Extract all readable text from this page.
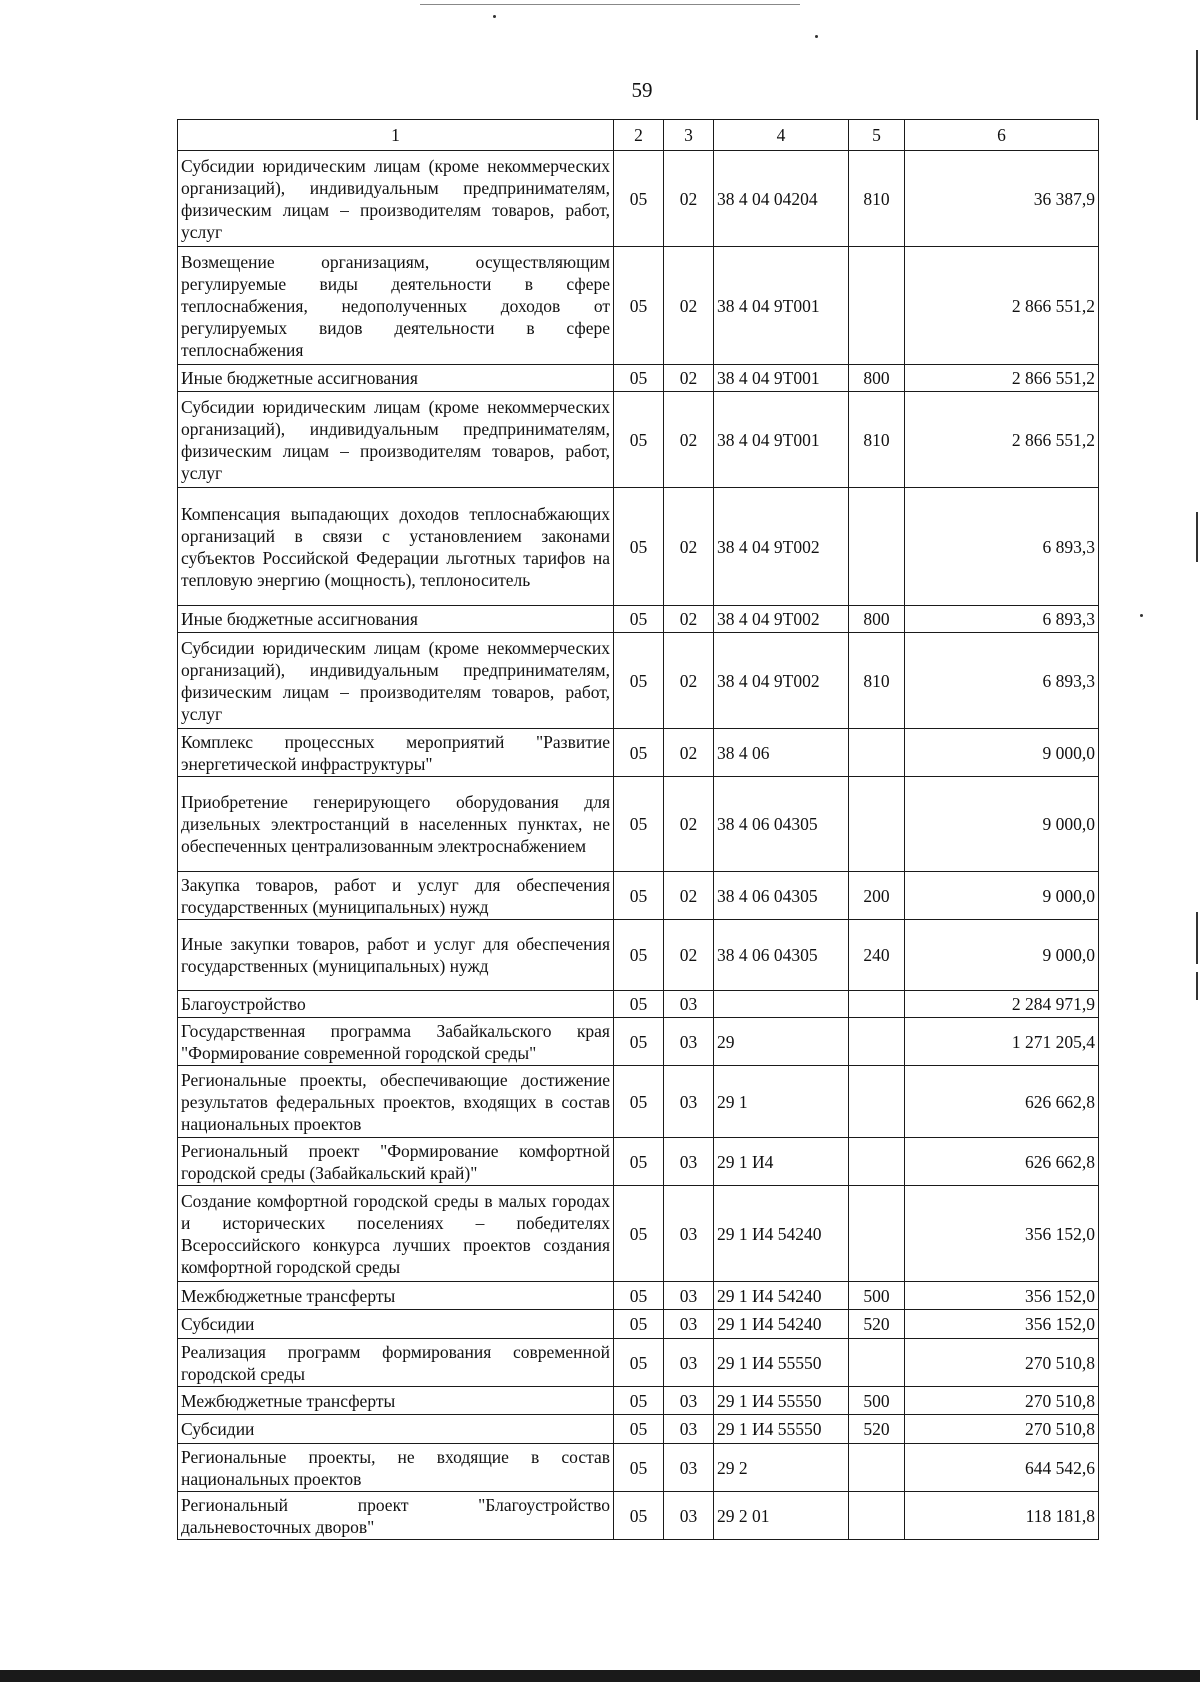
59
1	2	3	4	5	6
Субсидии юридическим лицам (кроме некоммерческих организаций), индивидуальным предпринимателям, физическим лицам – производителям товаров, работ, услуг	05	02	38 4 04 04204	810	36 387,9
Возмещение организациям, осуществляющим регулируемые виды деятельности в сфере теплоснабжения, недополученных доходов от регулируемых видов деятельности в сфере теплоснабжения	05	02	38 4 04 9Т001		2 866 551,2
Иные бюджетные ассигнования	05	02	38 4 04 9Т001	800	2 866 551,2
Субсидии юридическим лицам (кроме некоммерческих организаций), индивидуальным предпринимателям, физическим лицам – производителям товаров, работ, услуг	05	02	38 4 04 9Т001	810	2 866 551,2
Компенсация выпадающих доходов теплоснабжающих организаций в связи с установлением законами субъектов Российской Федерации льготных тарифов на тепловую энергию (мощность), теплоноситель	05	02	38 4 04 9Т002		6 893,3
Иные бюджетные ассигнования	05	02	38 4 04 9Т002	800	6 893,3
Субсидии юридическим лицам (кроме некоммерческих организаций), индивидуальным предпринимателям, физическим лицам – производителям товаров, работ, услуг	05	02	38 4 04 9Т002	810	6 893,3
Комплекс процессных мероприятий "Развитие энергетической инфраструктуры"	05	02	38 4 06		9 000,0
Приобретение генерирующего оборудования для дизельных электростанций в населенных пунктах, не обеспеченных централизованным электроснабжением	05	02	38 4 06 04305		9 000,0
Закупка товаров, работ и услуг для обеспечения государственных (муниципальных) нужд	05	02	38 4 06 04305	200	9 000,0
Иные закупки товаров, работ и услуг для обеспечения государственных (муниципальных) нужд	05	02	38 4 06 04305	240	9 000,0
Благоустройство	05	03			2 284 971,9
Государственная программа Забайкальского края "Формирование современной городской среды"	05	03	29		1 271 205,4
Региональные проекты, обеспечивающие достижение результатов федеральных проектов, входящих в состав национальных проектов	05	03	29 1		626 662,8
Региональный проект "Формирование комфортной городской среды (Забайкальский край)"	05	03	29 1 И4		626 662,8
Создание комфортной городской среды в малых городах и исторических поселениях – победителях Всероссийского конкурса лучших проектов создания комфортной городской среды	05	03	29 1 И4 54240		356 152,0
Межбюджетные трансферты	05	03	29 1 И4 54240	500	356 152,0
Субсидии	05	03	29 1 И4 54240	520	356 152,0
Реализация программ формирования современной городской среды	05	03	29 1 И4 55550		270 510,8
Межбюджетные трансферты	05	03	29 1 И4 55550	500	270 510,8
Субсидии	05	03	29 1 И4 55550	520	270 510,8
Региональные проекты, не входящие в состав национальных проектов	05	03	29 2		644 542,6
Региональный проект "Благоустройство дальневосточных дворов"	05	03	29 2 01		118 181,8
